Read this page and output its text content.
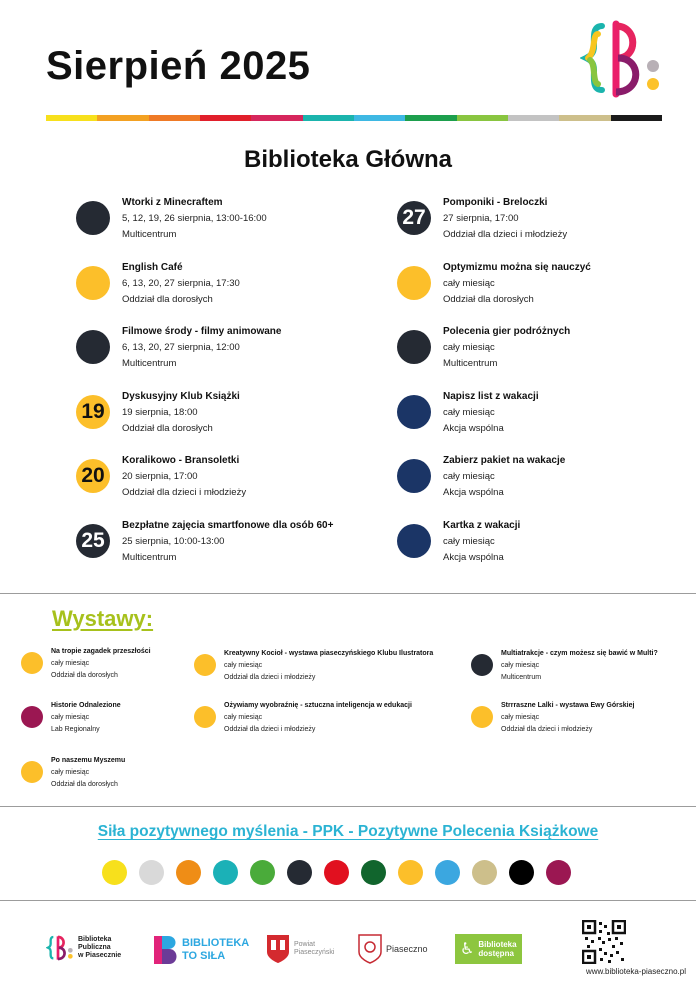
Sierpień 2025
Biblioteka Główna
Wtorki z Minecraftem
5, 12, 19, 26 sierpnia, 13:00-16:00
Multicentrum
English Café
6, 13, 20, 27 sierpnia, 17:30
Oddział dla dorosłych
Filmowe środy - filmy animowane
6, 13, 20, 27 sierpnia, 12:00
Multicentrum
19
Dyskusyjny Klub Książki
19 sierpnia, 18:00
Oddział dla dorosłych
20
Koralikowo - Bransoletki
20 sierpnia, 17:00
Oddział dla dzieci i młodzieży
25
Bezpłatne zajęcia smartfonowe dla osób 60+
25 sierpnia, 10:00-13:00
Multicentrum
27
Pomponiki - Breloczki
27 sierpnia, 17:00
Oddział dla dzieci i młodzieży
Optymizmu można się nauczyć
cały miesiąc
Oddział dla dorosłych
Polecenia gier podróżnych
cały miesiąc
Multicentrum
Napisz list z wakacji
cały miesiąc
Akcja wspólna
Zabierz pakiet na wakacje
cały miesiąc
Akcja wspólna
Kartka z wakacji
cały miesiąc
Akcja wspólna
Wystawy:
Na tropie zagadek przeszłości
cały miesiąc
Oddział dla dorosłych
Kreatywny Kocioł - wystawa piaseczyńskiego Klubu Ilustratora
cały miesiąc
Oddział dla dzieci i młodzieży
Multiatrakcje - czym możesz się bawić w Multi?
cały miesiąc
Multicentrum
Historie Odnalezione
cały miesiąc
Lab Regionalny
Ożywiamy wyobraźnię - sztuczna inteligencja w edukacji
cały miesiąc
Oddział dla dzieci i młodzieży
Strrraszne Lalki - wystawa Ewy Górskiej
cały miesiąc
Oddział dla dzieci i młodzieży
Po naszemu Myszemu
cały miesiąc
Oddział dla dorosłych
Siła pozytywnego myślenia - PPK - Pozytywne Polecenia Książkowe
Biblioteka
Publiczna
w Piasecznie
BIBLIOTEKA
TO SIŁA
Powiat
Piaseczyński	Piaseczno ♿ Biblioteka
dostępna
www.biblioteka-piaseczno.pl
